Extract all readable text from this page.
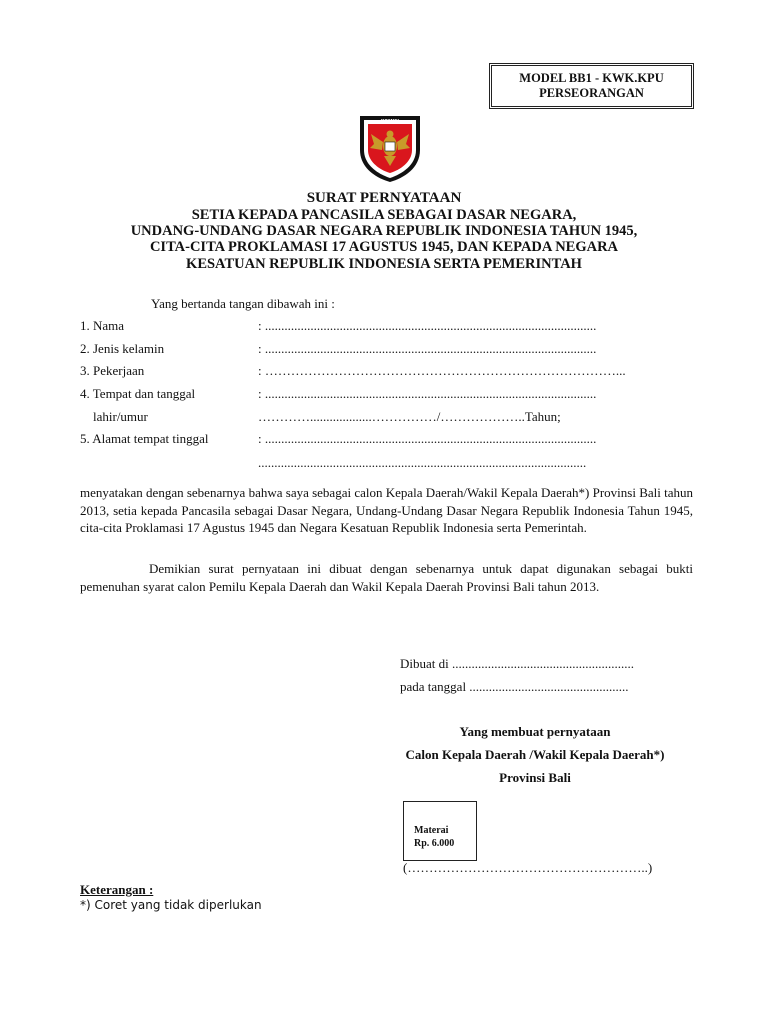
MODEL BB1 - KWK.KPU
PERSEORANGAN
KOMISI
SURAT PERNYATAAN
SETIA KEPADA PANCASILA SEBAGAI DASAR NEGARA,
UNDANG-UNDANG DASAR NEGARA REPUBLIK INDONESIA TAHUN 1945,
CITA-CITA PROKLAMASI 17 AGUSTUS 1945, DAN KEPADA NEGARA
KESATUAN REPUBLIK INDONESIA SERTA PEMERINTAH
Yang bertanda tangan dibawah ini :
1. Nama	: ......................................................................................................
2. Jenis kelamin	: ......................................................................................................
3. Pekerjaan	: ………………………………………………………………………...
4. Tempat dan tanggal	: ......................................................................................................
lahir/umur	…………...................……………/………………..Tahun;
5. Alamat tempat tinggal	: ......................................................................................................
.....................................................................................................
menyatakan dengan sebenarnya bahwa saya sebagai calon Kepala Daerah/Wakil Kepala Daerah*) Provinsi Bali tahun 2013, setia kepada Pancasila sebagai Dasar Negara, Undang-Undang Dasar Negara Republik Indonesia Tahun 1945, cita-cita Proklamasi 17 Agustus 1945 dan Negara Kesatuan Republik Indonesia serta Pemerintah.
Demikian surat pernyataan ini dibuat dengan sebenarnya untuk dapat digunakan sebagai bukti pemenuhan syarat calon Pemilu Kepala Daerah dan Wakil Kepala Daerah Provinsi Bali tahun 2013.
Dibuat di ........................................................
pada tanggal .................................................
Yang membuat pernyataan
Calon Kepala Daerah /Wakil Kepala Daerah*)
Provinsi Bali
Materai
Rp. 6.000
(………………………………………………..)
Keterangan :
*) Coret yang tidak diperlukan
